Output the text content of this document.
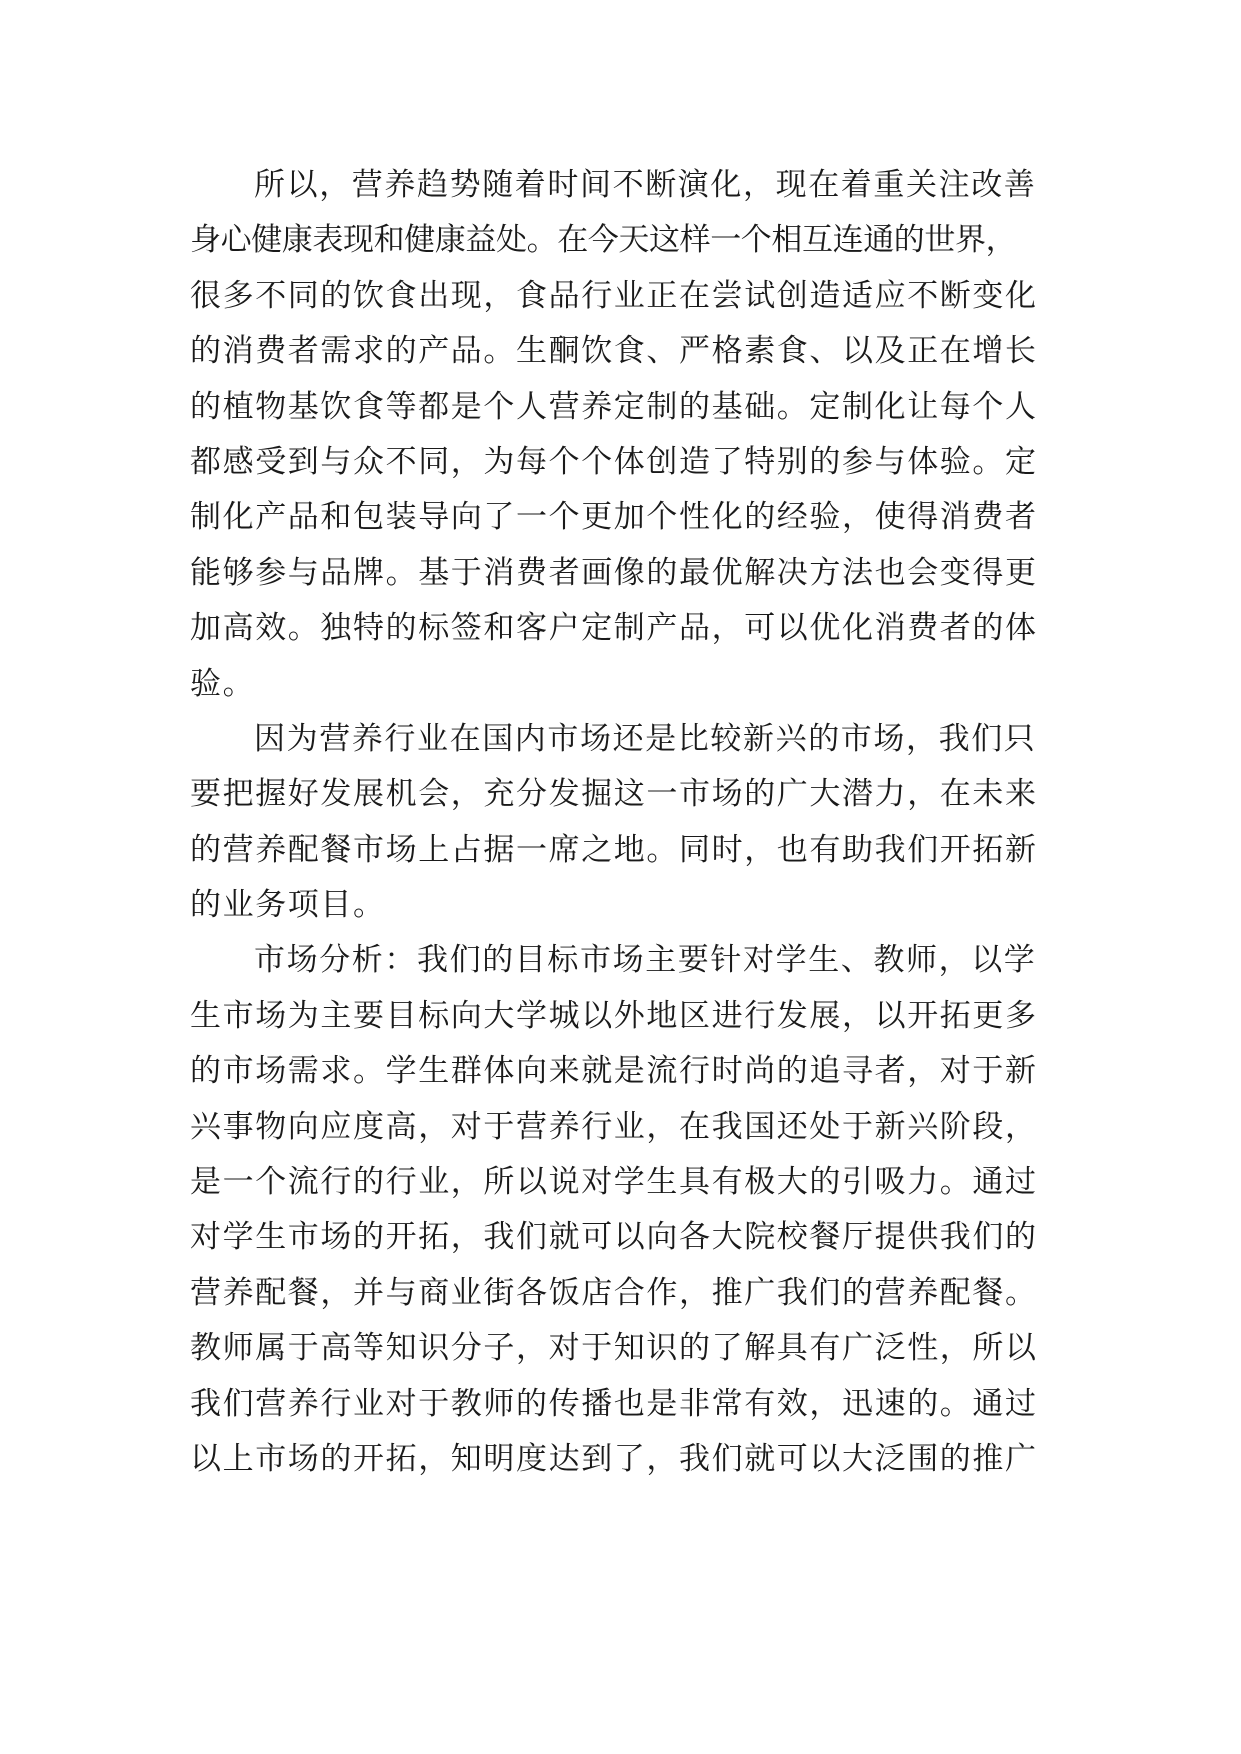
所以，营养趋势随着时间不断演化，现在着重关注改善
身心健康表现和健康益处。在今天这样一个相互连通的世界，
很多不同的饮食出现，食品行业正在尝试创造适应不断变化
的消费者需求的产品。生酮饮食、严格素食、以及正在增长
的植物基饮食等都是个人营养定制的基础。定制化让每个人
都感受到与众不同，为每个个体创造了特别的参与体验。定
制化产品和包装导向了一个更加个性化的经验，使得消费者
能够参与品牌。基于消费者画像的最优解决方法也会变得更
加高效。独特的标签和客户定制产品，可以优化消费者的体
验。
因为营养行业在国内市场还是比较新兴的市场，我们只
要把握好发展机会，充分发掘这一市场的广大潜力，在未来
的营养配餐市场上占据一席之地。同时，也有助我们开拓新
的业务项目。
市场分析：我们的目标市场主要针对学生、教师，以学
生市场为主要目标向大学城以外地区进行发展，以开拓更多
的市场需求。学生群体向来就是流行时尚的追寻者，对于新
兴事物向应度高，对于营养行业，在我国还处于新兴阶段，
是一个流行的行业，所以说对学生具有极大的引吸力。通过
对学生市场的开拓，我们就可以向各大院校餐厅提供我们的
营养配餐，并与商业街各饭店合作，推广我们的营养配餐。
教师属于高等知识分子，对于知识的了解具有广泛性，所以
我们营养行业对于教师的传播也是非常有效，迅速的。通过
以上市场的开拓，知明度达到了，我们就可以大泛围的推广
